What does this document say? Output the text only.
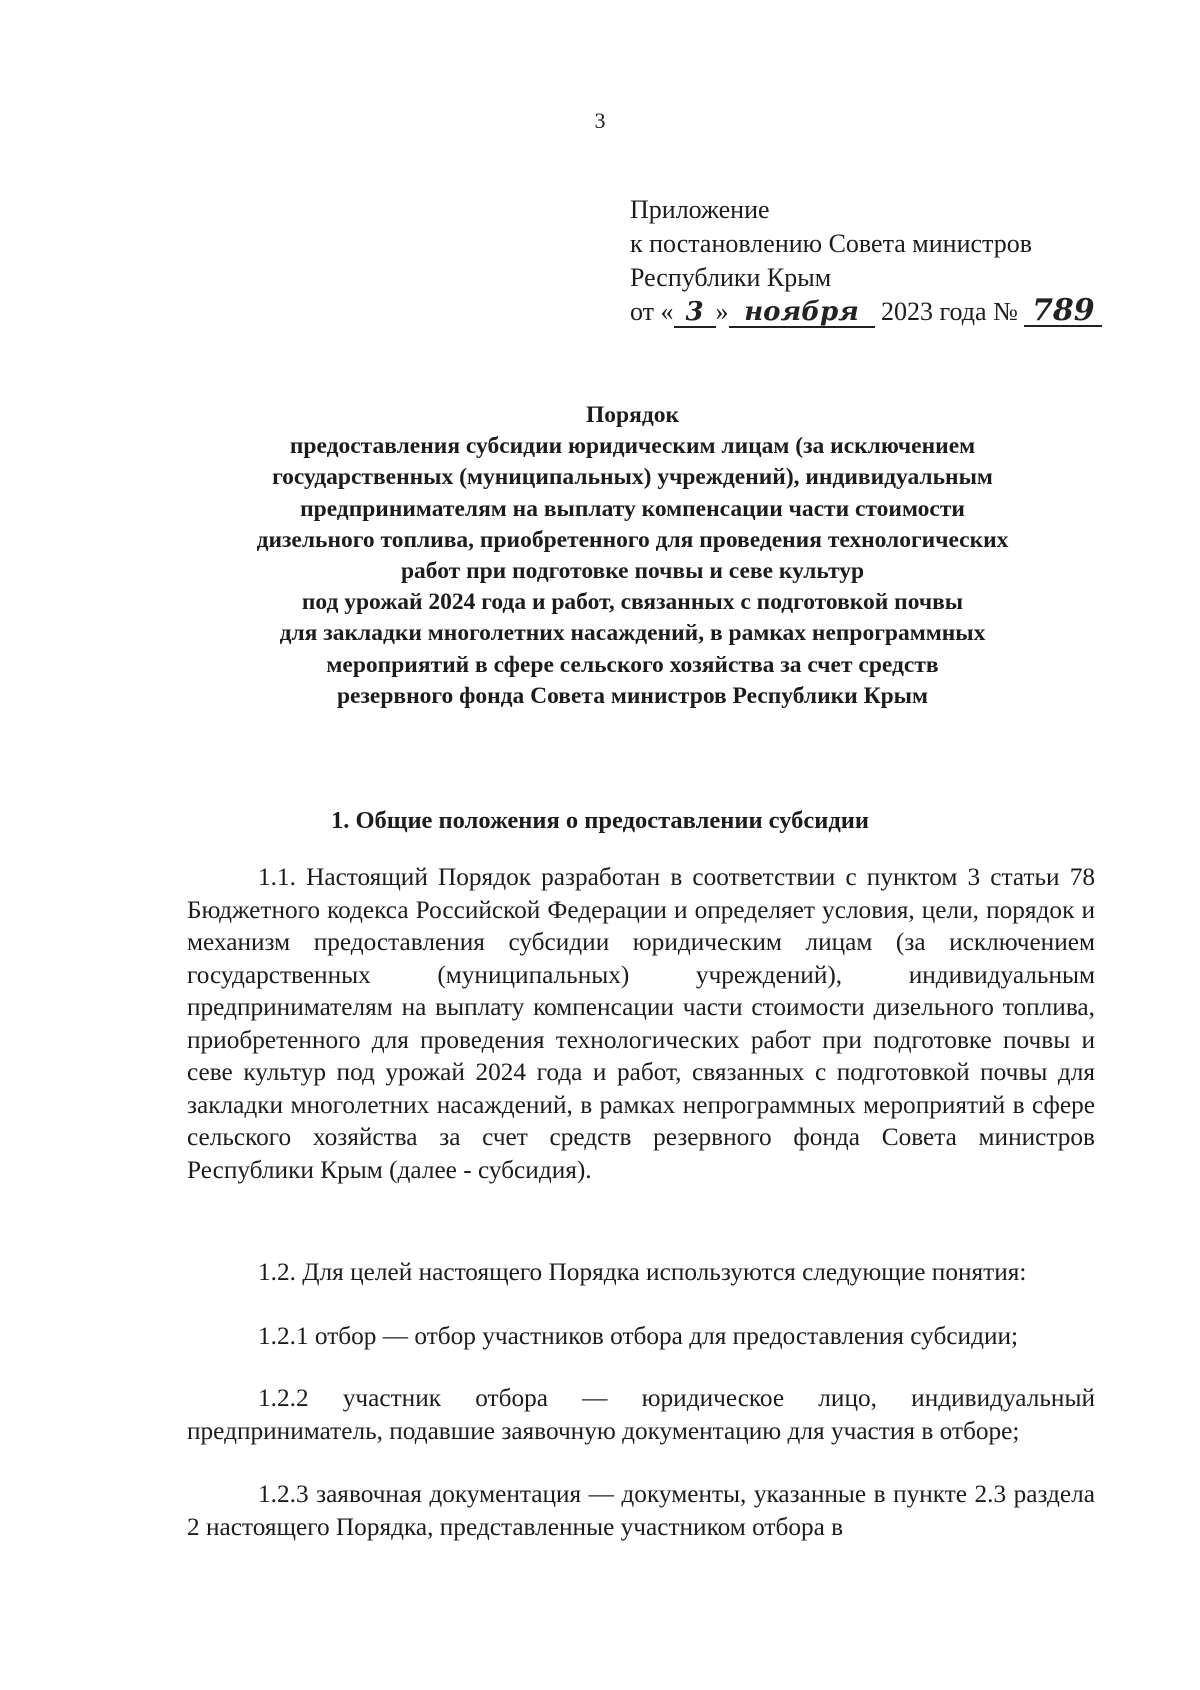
3
Приложение
к постановлению Совета министров
Республики Крым
от « 3 » ноября 2023 года № 789
Порядок
предоставления субсидии юридическим лицам (за исключением
государственных (муниципальных) учреждений), индивидуальным
предпринимателям на выплату компенсации части стоимости
дизельного топлива, приобретенного для проведения технологических
работ при подготовке почвы и севе культур
под урожай 2024 года и работ, связанных с подготовкой почвы
для закладки многолетних насаждений, в рамках непрограммных
мероприятий в сфере сельского хозяйства за счет средств
резервного фонда Совета министров Республики Крым
1. Общие положения о предоставлении субсидии

1.1. Настоящий Порядок разработан в соответствии с пунктом 3 статьи 78 Бюджетного кодекса Российской Федерации и определяет условия, цели, порядок и механизм предоставления субсидии юридическим лицам (за исключением государственных (муниципальных) учреждений), индивидуальным предпринимателям на выплату компенсации части стоимости дизельного топлива, приобретенного для проведения технологических работ при подготовке почвы и севе культур под урожай 2024 года и работ, связанных с подготовкой почвы для закладки многолетних насаждений, в рамках непрограммных мероприятий в сфере сельского хозяйства за счет средств резервного фонда Совета министров Республики Крым (далее - субсидия).

1.2. Для целей настоящего Порядка используются следующие понятия:

1.2.1 отбор — отбор участников отбора для предоставления субсидии;

1.2.2 участник отбора — юридическое лицо, индивидуальный предприниматель, подавшие заявочную документацию для участия в отборе;

1.2.3 заявочная документация — документы, указанные в пункте 2.3 раздела 2 настоящего Порядка, представленные участником отбора в
